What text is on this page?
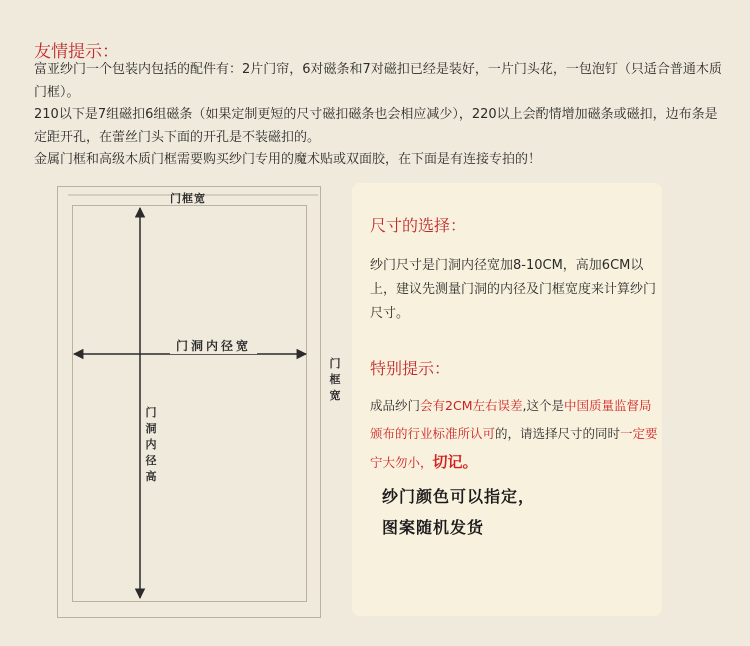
友情提示：

富亚纱门一个包装内包括的配件有：2片门帘，6对磁条和7对磁扣已经是装好，一片门头花，一包泡钉（只适合普通木质门框）。

210以下是7组磁扣6组磁条（如果定制更短的尺寸磁扣磁条也会相应减少），220以上会酌情增加磁条或磁扣，边布条是定距开孔，在蕾丝门头下面的开孔是不装磁扣的。

金属门框和高级木质门框需要购买纱门专用的魔术贴或双面胶，在下面是有连接专拍的！

门框宽
门洞内径宽
门洞内径高
门框宽
尺寸的选择：

纱门尺寸是门洞内径宽加8-10CM，高加6CM以上，建议先测量门洞的内径及门框宽度来计算纱门尺寸。

特别提示：

成品纱门会有2CM左右误差,这个是中国质量监督局颁布的行业标准所认可的，请选择尺寸的同时一定要宁大勿小，切记。

纱门颜色可以指定，
图案随机发货
